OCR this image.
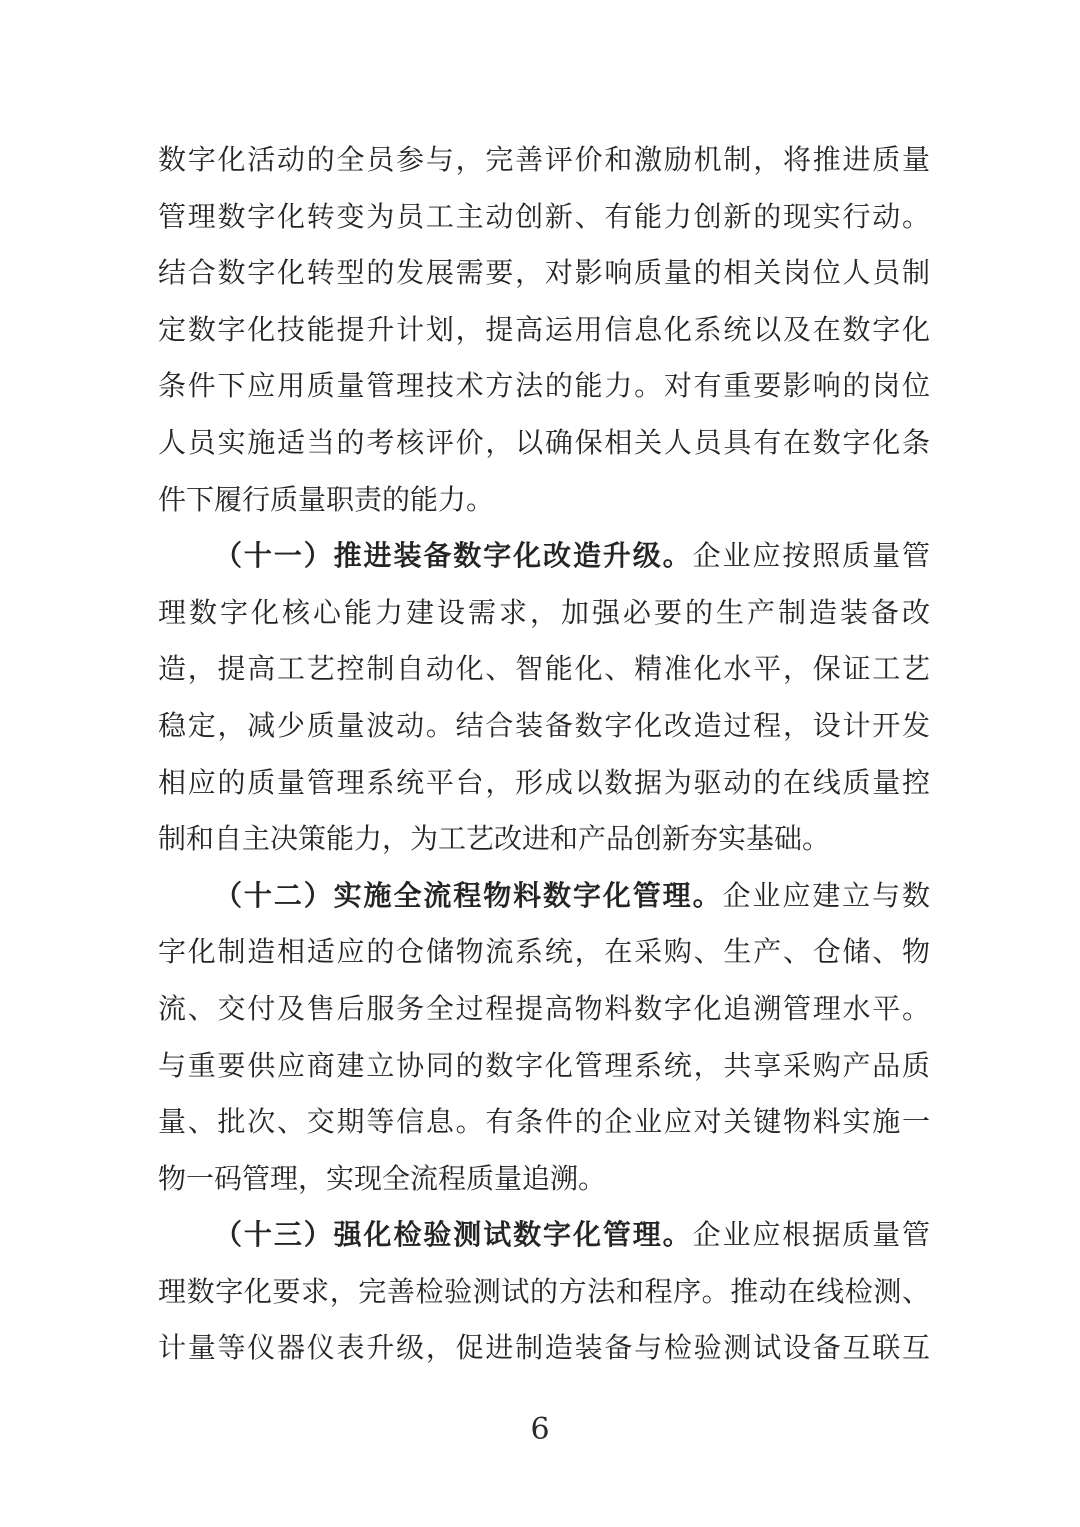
数字化活动的全员参与，完善评价和激励机制，将推进质量
管理数字化转变为员工主动创新、有能力创新的现实行动。
结合数字化转型的发展需要，对影响质量的相关岗位人员制
定数字化技能提升计划，提高运用信息化系统以及在数字化
条件下应用质量管理技术方法的能力。对有重要影响的岗位
人员实施适当的考核评价，以确保相关人员具有在数字化条
件下履行质量职责的能力。
（十一）推进装备数字化改造升级。企业应按照质量管
理数字化核心能力建设需求，加强必要的生产制造装备改
造，提高工艺控制自动化、智能化、精准化水平，保证工艺
稳定，减少质量波动。结合装备数字化改造过程，设计开发
相应的质量管理系统平台，形成以数据为驱动的在线质量控
制和自主决策能力，为工艺改进和产品创新夯实基础。
（十二）实施全流程物料数字化管理。企业应建立与数
字化制造相适应的仓储物流系统，在采购、生产、仓储、物
流、交付及售后服务全过程提高物料数字化追溯管理水平。
与重要供应商建立协同的数字化管理系统，共享采购产品质
量、批次、交期等信息。有条件的企业应对关键物料实施一
物一码管理，实现全流程质量追溯。
（十三）强化检验测试数字化管理。企业应根据质量管
理数字化要求，完善检验测试的方法和程序。推动在线检测、
计量等仪器仪表升级，促进制造装备与检验测试设备互联互
6
